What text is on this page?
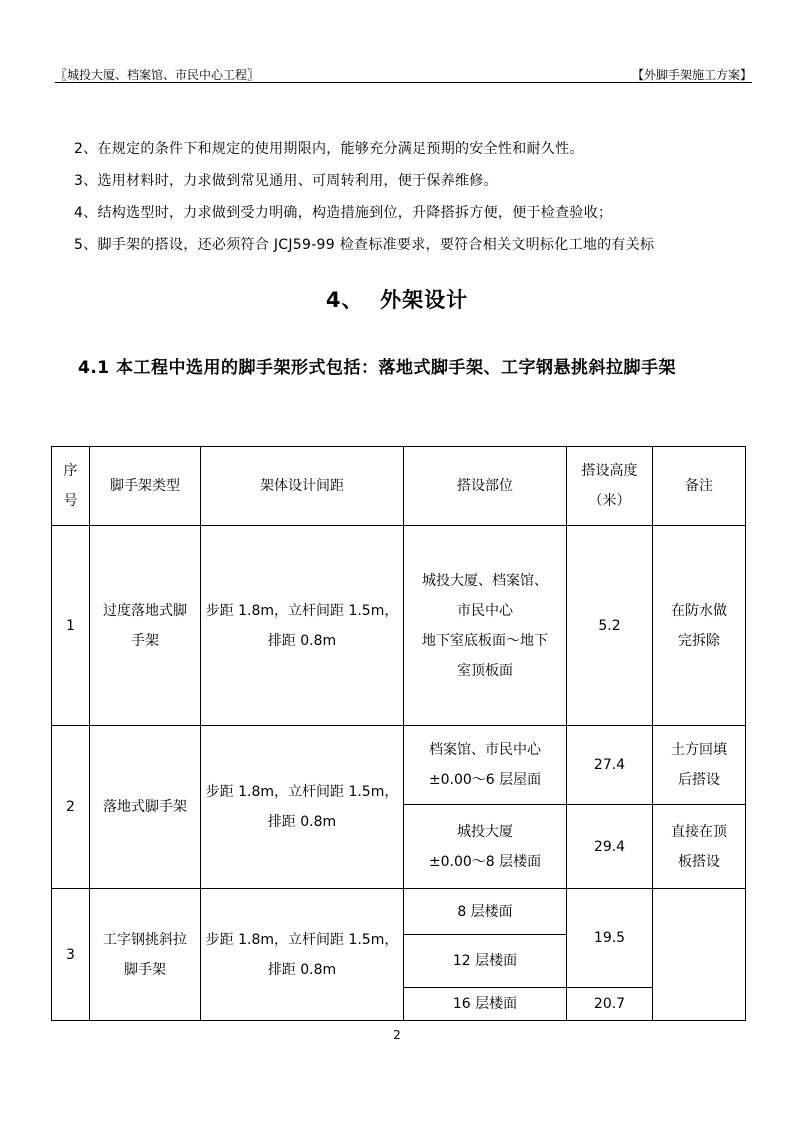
〖城投大厦、档案馆、市民中心工程〗	【外脚手架施工方案】

2、在规定的条件下和规定的使用期限内，能够充分满足预期的安全性和耐久性。

3、选用材料时，力求做到常见通用、可周转利用，便于保养维修。

4、结构选型时，力求做到受力明确，构造措施到位，升降搭拆方便，便于检查验收；

5、脚手架的搭设，还必须符合 JCJ59-99 检查标准要求，要符合相关文明标化工地的有关标

4、  外架设计
4.1 本工程中选用的脚手架形式包括：落地式脚手架、工字钢悬挑斜拉脚手架
序
号	脚手架类型	架体设计间距	搭设部位	搭设高度
（米）	备注
1	过度落地式脚
手架	步距 1.8m，立杆间距 1.5m，
排距 0.8m	城投大厦、档案馆、
市民中心
地下室底板面～地下
室顶板面	5.2	在防水做
完拆除
2	落地式脚手架	步距 1.8m，立杆间距 1.5m，
排距 0.8m	档案馆、市民中心
±0.00～6 层屋面	27.4	土方回填
后搭设
			城投大厦
±0.00～8 层楼面	29.4	直接在顶
板搭设
3	工字钢挑斜拉
脚手架	步距 1.8m，立杆间距 1.5m，
排距 0.8m	8 层楼面	19.5	
			12 层楼面		
			16 层楼面	20.7	
2
